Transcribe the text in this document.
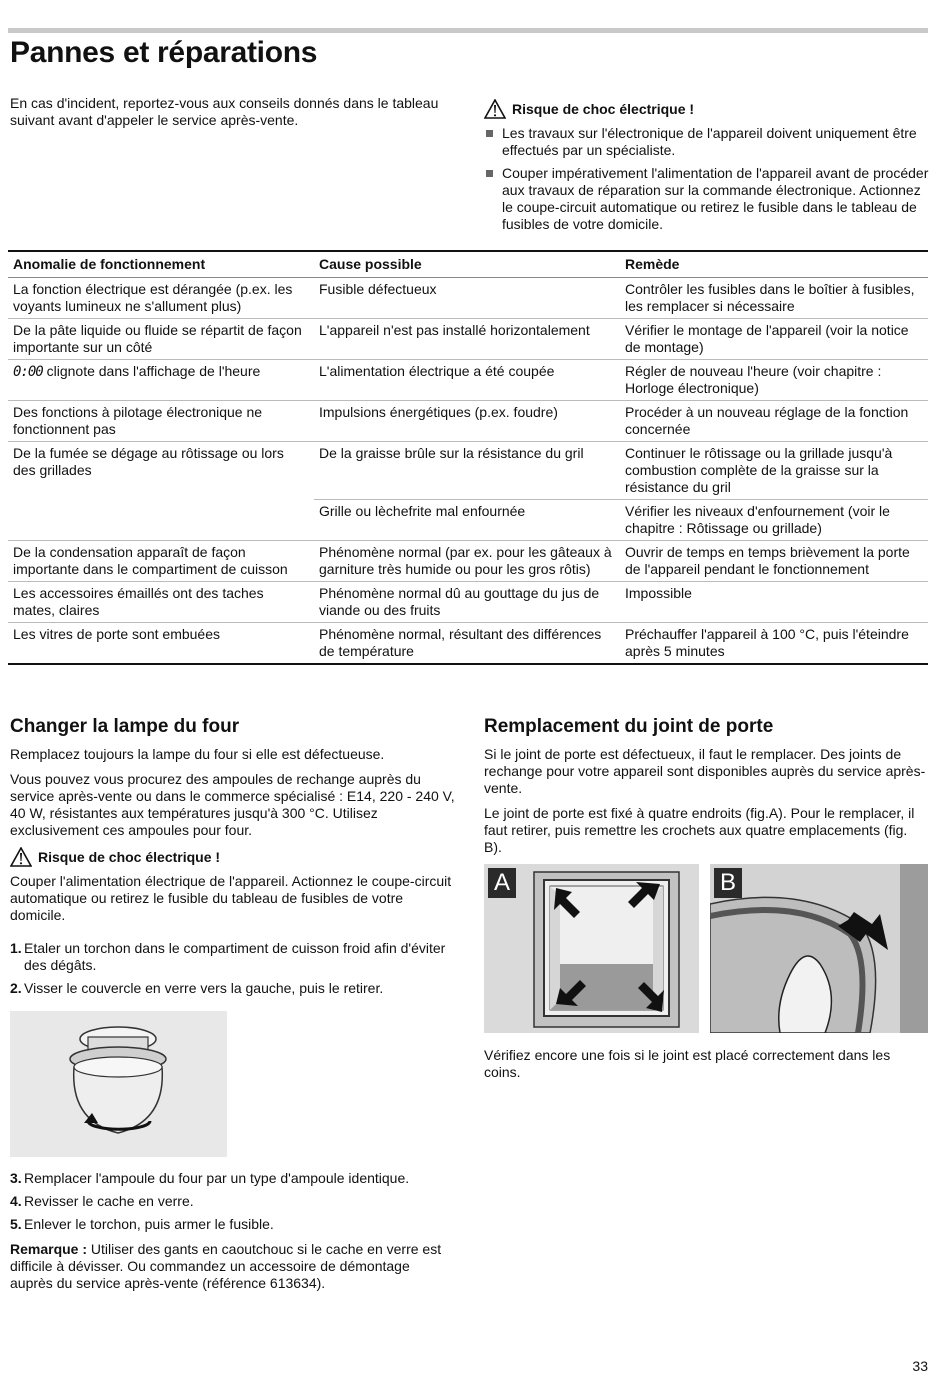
Pannes et réparations

En cas d'incident, reportez-vous aux conseils donnés dans le tableau suivant avant d'appeler le service après-vente.

Risque de choc électrique !
Les travaux sur l'électronique de l'appareil doivent uniquement être effectués par un spécialiste.
Couper impérativement l'alimentation de l'appareil avant de procéder aux travaux de réparation sur la commande électronique. Actionnez le coupe-circuit automatique ou retirez le fusible dans le tableau de fusibles de votre domicile.
Anomalie de fonctionnement	Cause possible	Remède
La fonction électrique est dérangée (p.ex. les voyants lumineux ne s'allument plus)	Fusible défectueux	Contrôler les fusibles dans le boîtier à fusibles, les remplacer si nécessaire
De la pâte liquide ou fluide se répartit de façon importante sur un côté	L'appareil n'est pas installé horizontalement	Vérifier le montage de l'appareil (voir la notice de montage)
0:00 clignote dans l'affichage de l'heure	L'alimentation électrique a été coupée	Régler de nouveau l'heure (voir chapitre : Horloge électronique)
Des fonctions à pilotage électronique ne fonctionnent pas	Impulsions énergétiques (p.ex. foudre)	Procéder à un nouveau réglage de la fonction concernée
De la fumée se dégage au rôtissage ou lors des grillades	De la graisse brûle sur la résistance du gril	Continuer le rôtissage ou la grillade jusqu'à combustion complète de la graisse sur la résistance du gril
	Grille ou lèchefrite mal enfournée	Vérifier les niveaux d'enfournement (voir le chapitre : Rôtissage ou grillade)
De la condensation apparaît de façon importante dans le compartiment de cuisson	Phénomène normal (par ex. pour les gâteaux à garniture très humide ou pour les gros rôtis)	Ouvrir de temps en temps brièvement la porte de l'appareil pendant le fonctionnement
Les accessoires émaillés ont des taches mates, claires	Phénomène normal dû au gouttage du jus de viande ou des fruits	Impossible
Les vitres de porte sont embuées	Phénomène normal, résultant des différences de température	Préchauffer l'appareil à 100 °C, puis l'éteindre après 5 minutes
Changer la lampe du four

Remplacez toujours la lampe du four si elle est défectueuse.

Vous pouvez vous procurez des ampoules de rechange auprès du service après-vente ou dans le commerce spécialisé : E14, 220 - 240 V, 40 W, résistantes aux températures jusqu'à 300 °C. Utilisez exclusivement ces ampoules pour four.

Risque de choc électrique !

Couper l'alimentation électrique de l'appareil. Actionnez le coupe-circuit automatique ou retirez le fusible du tableau de fusibles de votre domicile.

1. Etaler un torchon dans le compartiment de cuisson froid afin d'éviter des dégâts.
2. Visser le couvercle en verre vers la gauche, puis le retirer.
3. Remplacer l'ampoule du four par un type d'ampoule identique.
4. Revisser le cache en verre.
5. Enlever le torchon, puis armer le fusible.

Remarque : Utiliser des gants en caoutchouc si le cache en verre est difficile à dévisser. Ou commandez un accessoire de démontage auprès du service après-vente (référence 613634).

Remplacement du joint de porte

Si le joint de porte est défectueux, il faut le remplacer. Des joints de rechange pour votre appareil sont disponibles auprès du service après-vente.

Le joint de porte est fixé à quatre endroits (fig.A). Pour le remplacer, il faut retirer, puis remettre les crochets aux quatre emplacements (fig. B).

A	B

Vérifiez encore une fois si le joint est placé correctement dans les coins.

33
